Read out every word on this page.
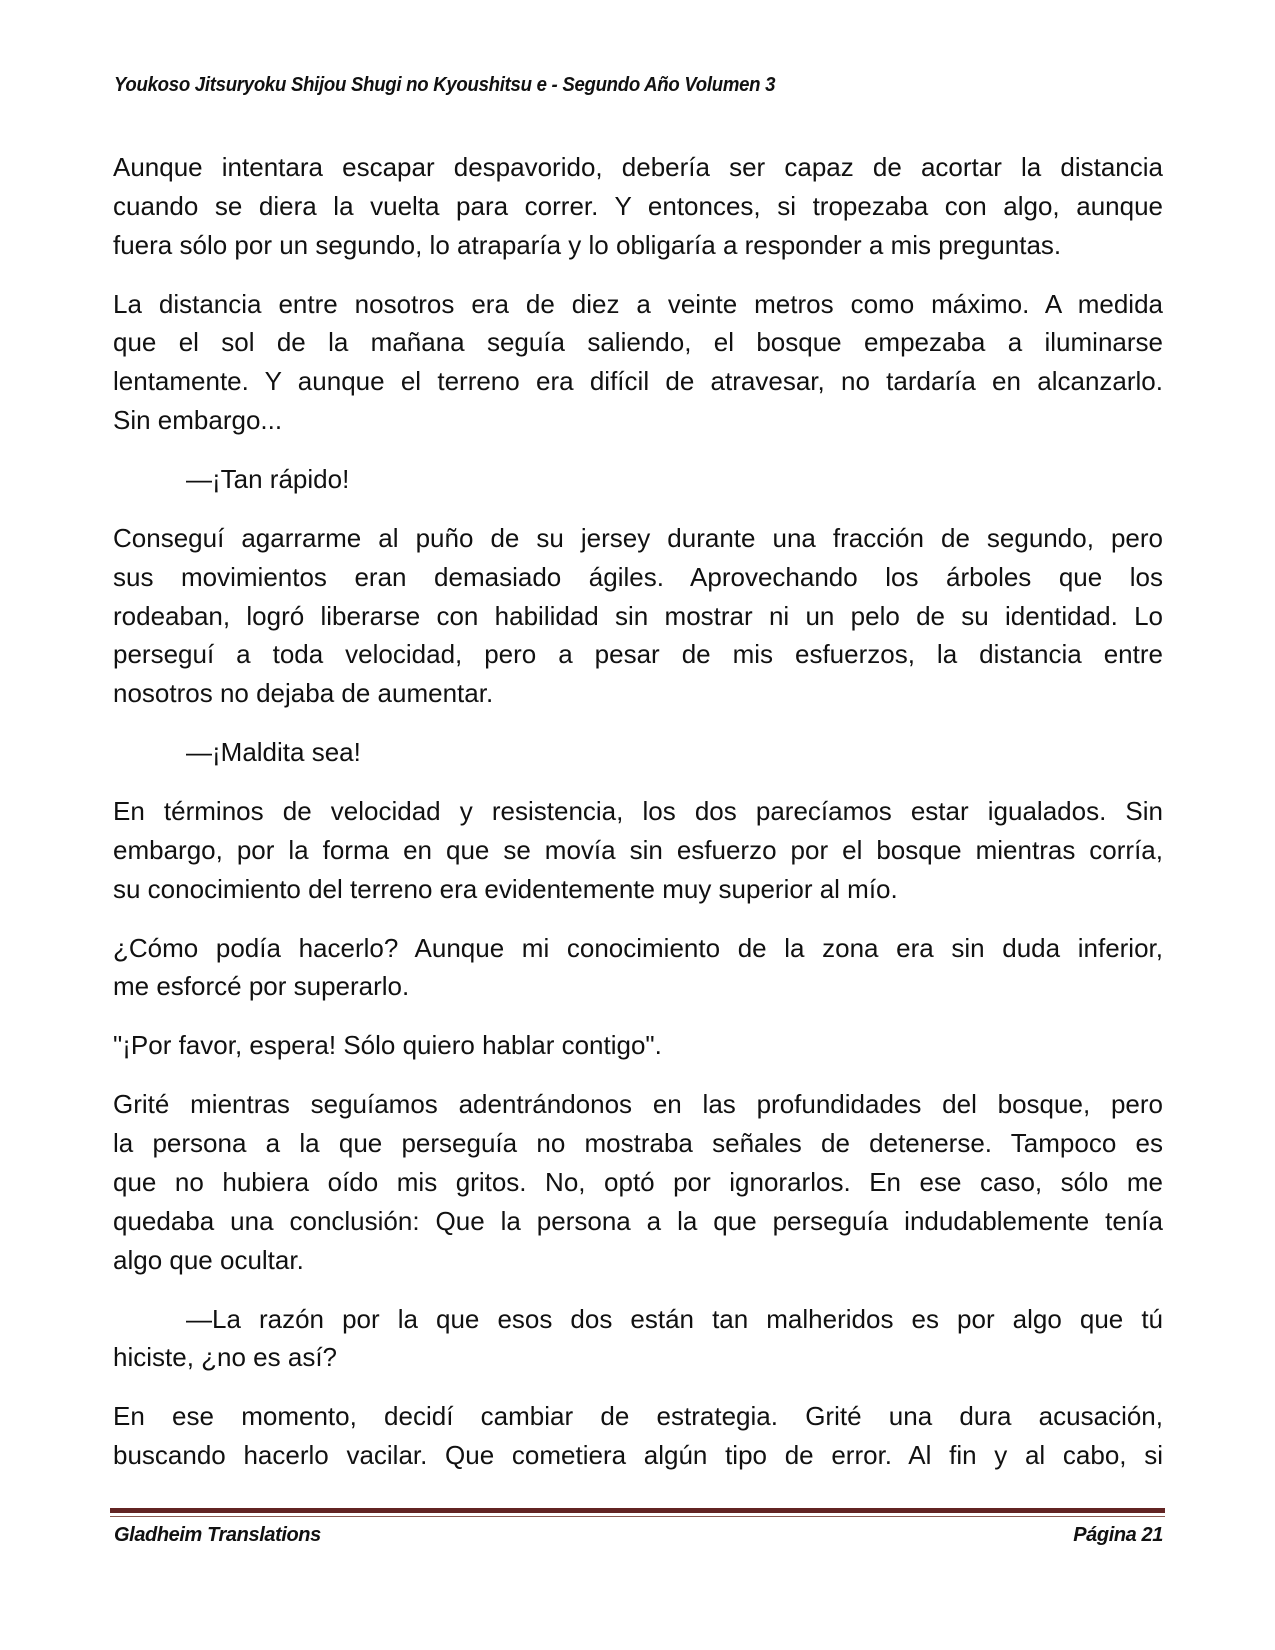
Youkoso Jitsuryoku Shijou Shugi no Kyoushitsu e - Segundo Año Volumen 3
Aunque intentara escapar despavorido, debería ser capaz de acortar la distancia
cuando se diera la vuelta para correr. Y entonces, si tropezaba con algo, aunque
fuera sólo por un segundo, lo atraparía y lo obligaría a responder a mis preguntas.
La distancia entre nosotros era de diez a veinte metros como máximo. A medida
que el sol de la mañana seguía saliendo, el bosque empezaba a iluminarse
lentamente. Y aunque el terreno era difícil de atravesar, no tardaría en alcanzarlo.
Sin embargo...
—¡Tan rápido!
Conseguí agarrarme al puño de su jersey durante una fracción de segundo, pero
sus movimientos eran demasiado ágiles. Aprovechando los árboles que los
rodeaban, logró liberarse con habilidad sin mostrar ni un pelo de su identidad. Lo
perseguí a toda velocidad, pero a pesar de mis esfuerzos, la distancia entre
nosotros no dejaba de aumentar.
—¡Maldita sea!
En términos de velocidad y resistencia, los dos parecíamos estar igualados. Sin
embargo, por la forma en que se movía sin esfuerzo por el bosque mientras corría,
su conocimiento del terreno era evidentemente muy superior al mío.
¿Cómo podía hacerlo? Aunque mi conocimiento de la zona era sin duda inferior,
me esforcé por superarlo.
"¡Por favor, espera! Sólo quiero hablar contigo".
Grité mientras seguíamos adentrándonos en las profundidades del bosque, pero
la persona a la que perseguía no mostraba señales de detenerse. Tampoco es
que no hubiera oído mis gritos. No, optó por ignorarlos. En ese caso, sólo me
quedaba una conclusión: Que la persona a la que perseguía indudablemente tenía
algo que ocultar.
—La razón por la que esos dos están tan malheridos es por algo que tú
hiciste, ¿no es así?
En ese momento, decidí cambiar de estrategia. Grité una dura acusación,
buscando hacerlo vacilar. Que cometiera algún tipo de error. Al fin y al cabo, si
Gladheim Translations	Página 21
